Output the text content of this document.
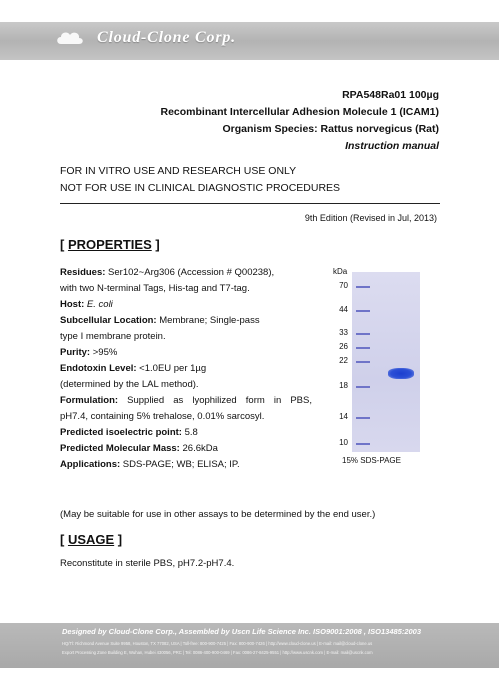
Cloud-Clone Corp.
RPA548Ra01 100µg
Recombinant Intercellular Adhesion Molecule 1 (ICAM1)
Organism Species: Rattus norvegicus (Rat)
Instruction manual
FOR IN VITRO USE AND RESEARCH USE ONLY
NOT FOR USE IN CLINICAL DIAGNOSTIC PROCEDURES
9th Edition (Revised in Jul, 2013)
[ PROPERTIES ]
Residues: Ser102~Arg306 (Accession # Q00238),
with two N-terminal Tags, His-tag and T7-tag.
Host: E. coli
Subcellular Location: Membrane; Single-pass
type I membrane protein.
Purity: >95%
Endotoxin Level: <1.0EU per 1µg
(determined by the LAL method).
Formulation: Supplied as lyophilized form in PBS,
pH7.4, containing 5% trehalose, 0.01% sarcosyl.
Predicted isoelectric point: 5.8
Predicted Molecular Mass: 26.6kDa
Applications: SDS-PAGE; WB; ELISA; IP.
(May be suitable for use in other assays to be determined by the end user.)
kDa
70
44
33
26
22
18
14
10
15% SDS-PAGE
[ USAGE ]
Reconstitute in sterile PBS, pH7.2-pH7.4.
Designed by Cloud-Clone Corp., Assembled by Uscn Life Science Inc. ISO9001:2008 , ISO13485:2003
HQ/Tl: Richmond Avenue Suite 9958, Houston, TX 77082, USA | Toll-free: 800-900-7425 | Fax: 800-900-7426 | http://www.cloud-clone.us | E-mail: mail@cloud-clone.us
Export Processing Zone Building E, Wuhan, Hubei 430056, PRC | Tel: 0086-400-900-0469 | Fax: 0086-27-8425-9551 | http://www.uscnk.com | E-mail: mail@uscnk.com
